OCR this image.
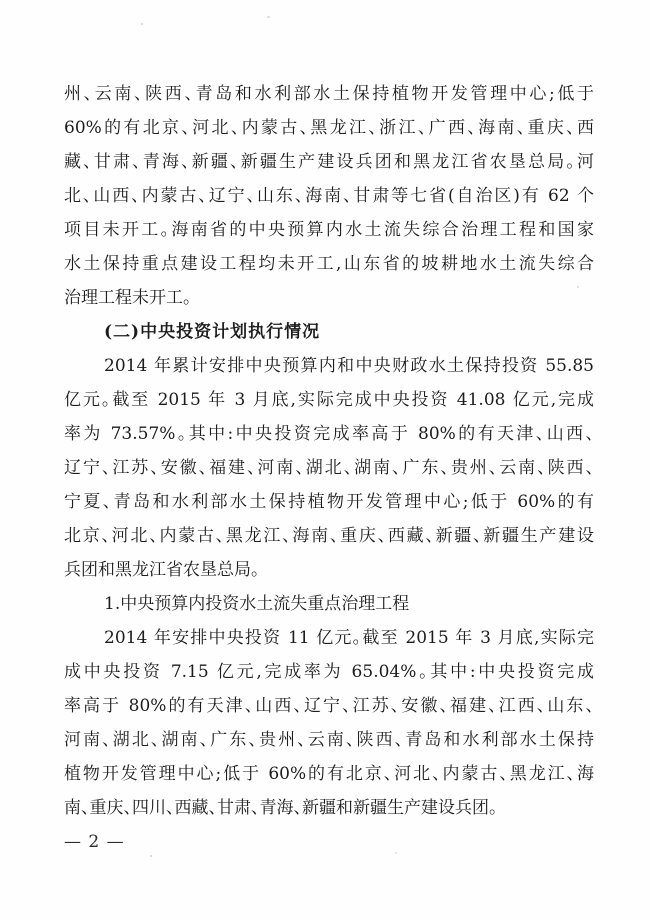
州、云南、陕西、青岛和水利部水土保持植物开发管理中心;低于
60%的有北京、河北、内蒙古、黑龙江、浙江、广西、海南、重庆、西
藏、甘肃、青海、新疆、新疆生产建设兵团和黑龙江省农垦总局。河
北、山西、内蒙古、辽宁、山东、海南、甘肃等七省(自治区)有 62 个
项目未开工。海南省的中央预算内水土流失综合治理工程和国家
水土保持重点建设工程均未开工,山东省的坡耕地水土流失综合
治理工程未开工。
(二)中央投资计划执行情况
2014 年累计安排中央预算内和中央财政水土保持投资 55.85
亿元。截至 2015 年 3 月底,实际完成中央投资 41.08 亿元,完成
率为 73.57%。其中:中央投资完成率高于 80%的有天津、山西、
辽宁、江苏、安徽、福建、河南、湖北、湖南、广东、贵州、云南、陕西、
宁夏、青岛和水利部水土保持植物开发管理中心;低于 60%的有
北京、河北、内蒙古、黑龙江、海南、重庆、西藏、新疆、新疆生产建设
兵团和黑龙江省农垦总局。
1.中央预算内投资水土流失重点治理工程
2014 年安排中央投资 11 亿元。截至 2015 年 3 月底,实际完
成中央投资 7.15 亿元,完成率为 65.04%。其中:中央投资完成
率高于 80%的有天津、山西、辽宁、江苏、安徽、福建、江西、山东、
河南、湖北、湖南、广东、贵州、云南、陕西、青岛和水利部水土保持
植物开发管理中心;低于 60%的有北京、河北、内蒙古、黑龙江、海
南、重庆、四川、西藏、甘肃、青海、新疆和新疆生产建设兵团。
— 2 —
